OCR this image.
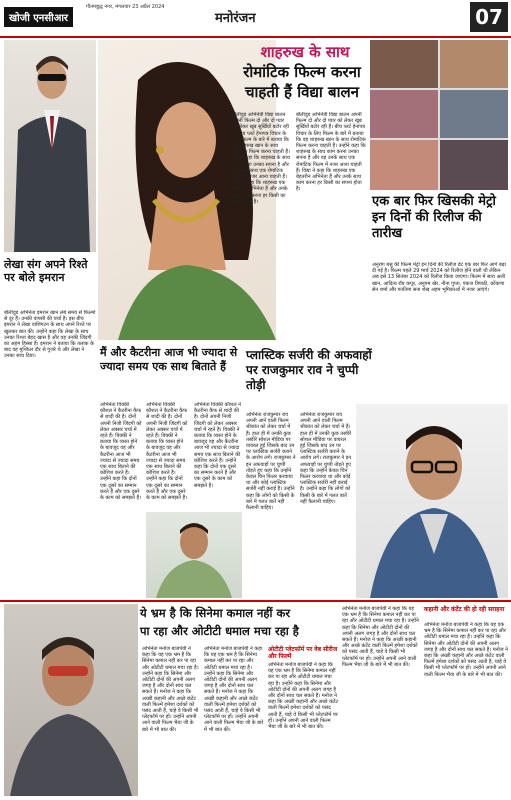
खोजी एनसीआर
गौतमबुद्ध नगर, मंगलवार 23 अप्रैल 2024
मनोरंजन	07
लेखा संग अपने रिश्ते पर बोले इमरान
बॉलीवुड अभिनेता इमरान खान लंबे समय से फिल्मों से दूर हैं। उनकी वापसी की चर्चा है। इस बीच इमरान ने लेखा वाशिंगटन के साथ अपने रिश्ते पर खुलकर बात की। उन्होंने कहा कि लेखा के साथ उनका रिश्ता बेहद खास है और वह उनकी जिंदगी का अहम हिस्सा हैं। इमरान ने बताया कि तलाक के बाद वह मुश्किल दौर से गुजरे थे और लेखा ने उनका साथ दिया।
शाहरुख के साथ
रोमांटिक फिल्म करना
चाहती हैं विद्या बालन
बॉलीवुड अभिनेत्री विद्या बालन अपनी फिल्म दो और दो प्यार को लेकर खूब सुर्खियों बटोर रही हैं। बीच प्लर्ट हेनापत्र विचार के लिए फिल्म के बारे में बताया कि वह शाहरुख खान के साथ रोमांटिक फिल्म करना चाहती हैं। उन्होंने कहा कि शाहरुख के साथ काम करना उनका सपना है और वह उनके साथ एक रोमांटिक फिल्म में नजर आना चाहती हैं। विद्या ने कहा कि शाहरुख एक बेहतरीन अभिनेता हैं और उनके साथ काम करना हर किसी का सपना होता है।
बॉलीवुड अभिनेत्री विद्या बालन अपनी फिल्म दो और दो प्यार को लेकर खूब सुर्खियों बटोर रही हैं। बीच प्लर्ट हेनापत्र विचार के लिए फिल्म के बारे में बताया कि वह शाहरुख खान के साथ रोमांटिक फिल्म करना चाहती हैं। उन्होंने कहा कि शाहरुख के साथ काम करना उनका सपना है और वह उनके साथ एक रोमांटिक फिल्म में नजर आना चाहती हैं। विद्या ने कहा कि शाहरुख एक बेहतरीन अभिनेता हैं और उनके साथ काम करना हर किसी का सपना होता है।
एक बार फिर खिसकी मेट्रो इन दिनों की रिलीज की तारीख
अनुराग बसु की फिल्म मेट्रो इन दिनों की रिलीज डेट एक बार फिर आगे बढ़ा दी गई है। फिल्म पहले 29 मार्च 2024 को रिलीज होने वाली थी लेकिन अब इसे 13 सितंबर 2024 को रिलीज किया जाएगा। फिल्म में सारा अली खान, आदित्य रॉय कपूर, अनुपम खेर, नीना गुप्ता, पंकज त्रिपाठी, कोंकणा सेन शर्मा और फातिमा सना शेख अहम भूमिकाओं में नजर आएंगे।
मैं और कैटरीना आज भी ज्यादा से ज्यादा समय एक साथ बिताते हैं
अभिनेता विक्की कौशल ने कैटरीना कैफ से शादी की है। दोनों अपनी निजी जिंदगी को लेकर अक्सर चर्चा में रहते हैं। विक्की ने बताया कि व्यस्त होने के बावजूद वह और कैटरीना आज भी ज्यादा से ज्यादा समय एक साथ बिताने की कोशिश करते हैं। उन्होंने कहा कि दोनों एक दूसरे का सम्मान करते हैं और एक दूसरे के काम को समझते हैं।
अभिनेता विक्की कौशल ने कैटरीना कैफ से शादी की है। दोनों अपनी निजी जिंदगी को लेकर अक्सर चर्चा में रहते हैं। विक्की ने बताया कि व्यस्त होने के बावजूद वह और कैटरीना आज भी ज्यादा से ज्यादा समय एक साथ बिताने की कोशिश करते हैं। उन्होंने कहा कि दोनों एक दूसरे का सम्मान करते हैं और एक दूसरे के काम को समझते हैं।
अभिनेता विक्की कौशल ने कैटरीना कैफ से शादी की है। दोनों अपनी निजी जिंदगी को लेकर अक्सर चर्चा में रहते हैं। विक्की ने बताया कि व्यस्त होने के बावजूद वह और कैटरीना आज भी ज्यादा से ज्यादा समय एक साथ बिताने की कोशिश करते हैं। उन्होंने कहा कि दोनों एक दूसरे का सम्मान करते हैं और एक दूसरे के काम को समझते हैं।
प्लास्टिक सर्जरी की अफवाहों पर राजकुमार राव ने चुप्पी तोड़ी
अभिनेता राजकुमार राव अपनी आने वाली फिल्म श्रीकांत को लेकर चर्चा में हैं। हाल ही में उनकी कुछ तस्वीरें सोशल मीडिया पर वायरल हुई जिसके बाद उन पर प्लास्टिक सर्जरी कराने के आरोप लगे। राजकुमार ने इन अफवाहों पर चुप्पी तोड़ते हुए कहा कि उन्होंने केवल चिन फिलर करवाया था और कोई प्लास्टिक सर्जरी नहीं कराई है। उन्होंने कहा कि लोगों को किसी के बारे में गलत बातें नहीं फैलानी चाहिए।
अभिनेता राजकुमार राव अपनी आने वाली फिल्म श्रीकांत को लेकर चर्चा में हैं। हाल ही में उनकी कुछ तस्वीरें सोशल मीडिया पर वायरल हुई जिसके बाद उन पर प्लास्टिक सर्जरी कराने के आरोप लगे। राजकुमार ने इन अफवाहों पर चुप्पी तोड़ते हुए कहा कि उन्होंने केवल चिन फिलर करवाया था और कोई प्लास्टिक सर्जरी नहीं कराई है। उन्होंने कहा कि लोगों को किसी के बारे में गलत बातें नहीं फैलानी चाहिए।
ये भ्रम है कि सिनेमा कमाल नहीं कर
पा रहा और ओटीटी धमाल मचा रहा है
अभिनेता मनोज बाजपेयी ने कहा कि यह एक भ्रम है कि सिनेमा कमाल नहीं कर पा रहा और ओटीटी धमाल मचा रहा है। उन्होंने कहा कि सिनेमा और ओटीटी दोनों की अपनी अलग जगह है और दोनों साथ चल सकते हैं। मनोज ने कहा कि अच्छी कहानी और अच्छे कंटेंट वाली फिल्में हमेशा दर्शकों को पसंद आती हैं, चाहे वे किसी भी प्लेटफॉर्म पर हों। उन्होंने अपनी आने वाली फिल्म भैया जी के बारे में भी बात की।
अभिनेता मनोज बाजपेयी ने कहा कि यह एक भ्रम है कि सिनेमा कमाल नहीं कर पा रहा और ओटीटी धमाल मचा रहा है। उन्होंने कहा कि सिनेमा और ओटीटी दोनों की अपनी अलग जगह है और दोनों साथ चल सकते हैं। मनोज ने कहा कि अच्छी कहानी और अच्छे कंटेंट वाली फिल्में हमेशा दर्शकों को पसंद आती हैं, चाहे वे किसी भी प्लेटफॉर्म पर हों। उन्होंने अपनी आने वाली फिल्म भैया जी के बारे में भी बात की।
ओटीटी प्लेटफॉर्म पर वेब सीरीज और फिल्में
अभिनेता मनोज बाजपेयी ने कहा कि यह एक भ्रम है कि सिनेमा कमाल नहीं कर पा रहा और ओटीटी धमाल मचा रहा है। उन्होंने कहा कि सिनेमा और ओटीटी दोनों की अपनी अलग जगह है और दोनों साथ चल सकते हैं। मनोज ने कहा कि अच्छी कहानी और अच्छे कंटेंट वाली फिल्में हमेशा दर्शकों को पसंद आती हैं, चाहे वे किसी भी प्लेटफॉर्म पर हों। उन्होंने अपनी आने वाली फिल्म भैया जी के बारे में भी बात की।
अभिनेता मनोज बाजपेयी ने कहा कि यह एक भ्रम है कि सिनेमा कमाल नहीं कर पा रहा और ओटीटी धमाल मचा रहा है। उन्होंने कहा कि सिनेमा और ओटीटी दोनों की अपनी अलग जगह है और दोनों साथ चल सकते हैं। मनोज ने कहा कि अच्छी कहानी और अच्छे कंटेंट वाली फिल्में हमेशा दर्शकों को पसंद आती हैं, चाहे वे किसी भी प्लेटफॉर्म पर हों। उन्होंने अपनी आने वाली फिल्म भैया जी के बारे में भी बात की।
कहानी और कंटेंट की हो रही सराहना
अभिनेता मनोज बाजपेयी ने कहा कि यह एक भ्रम है कि सिनेमा कमाल नहीं कर पा रहा और ओटीटी धमाल मचा रहा है। उन्होंने कहा कि सिनेमा और ओटीटी दोनों की अपनी अलग जगह है और दोनों साथ चल सकते हैं। मनोज ने कहा कि अच्छी कहानी और अच्छे कंटेंट वाली फिल्में हमेशा दर्शकों को पसंद आती हैं, चाहे वे किसी भी प्लेटफॉर्म पर हों। उन्होंने अपनी आने वाली फिल्म भैया जी के बारे में भी बात की।
